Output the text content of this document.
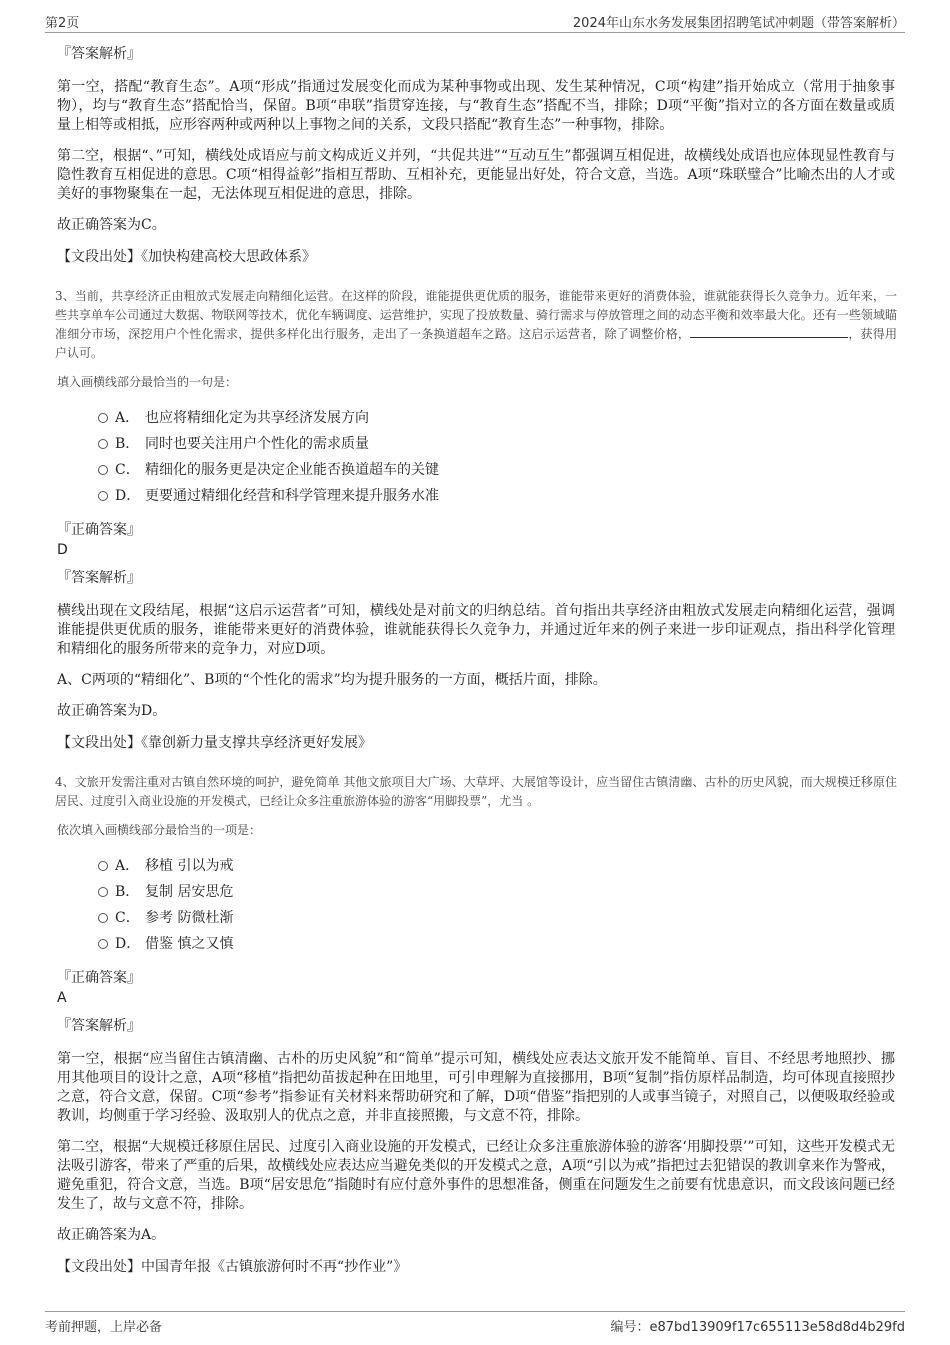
第2页	2024年山东水务发展集团招聘笔试冲刺题（带答案解析）

『答案解析』

第一空，搭配“教育生态”。A项“形成”指通过发展变化而成为某种事物或出现、发生某种情况，C项“构建”指开始成立（常用于抽象事物），均与“教育生态”搭配恰当，保留。B项“串联”指贯穿连接，与“教育生态”搭配不当，排除；D项“平衡”指对立的各方面在数量或质量上相等或相抵，应形容两种或两种以上事物之间的关系，文段只搭配“教育生态”一种事物，排除。

第二空，根据“、”可知，横线处成语应与前文构成近义并列，“共促共进”“互动互生”都强调互相促进，故横线处成语也应体现显性教育与隐性教育互相促进的意思。C项“相得益彰”指相互帮助、互相补充，更能显出好处，符合文意，当选。A项“珠联璧合”比喻杰出的人才或美好的事物聚集在一起，无法体现互相促进的意思，排除。

故正确答案为C。

【文段出处】《加快构建高校大思政体系》

3、当前，共享经济正由粗放式发展走向精细化运营。在这样的阶段，谁能提供更优质的服务，谁能带来更好的消费体验，谁就能获得长久竞争力。近年来，一些共享单车公司通过大数据、物联网等技术，优化车辆调度、运营维护，实现了投放数量、骑行需求与停放管理之间的动态平衡和效率最大化。还有一些领域瞄准细分市场，深挖用户个性化需求，提供多样化出行服务，走出了一条换道超车之路。这启示运营者，除了调整价格，	，获得用户认可。

填入画横线部分最恰当的一句是：

A． 也应将精细化定为共享经济发展方向
B． 同时也要关注用户个性化的需求质量
C． 精细化的服务更是决定企业能否换道超车的关键
D． 更要通过精细化经营和科学管理来提升服务水准

『正确答案』

D

『答案解析』

横线出现在文段结尾，根据“这启示运营者”可知，横线处是对前文的归纳总结。首句指出共享经济由粗放式发展走向精细化运营，强调谁能提供更优质的服务，谁能带来更好的消费体验，谁就能获得长久竞争力，并通过近年来的例子来进一步印证观点，指出科学化管理和精细化的服务所带来的竞争力，对应D项。

A、C两项的“精细化”、B项的“个性化的需求”均为提升服务的一方面，概括片面，排除。

故正确答案为D。

【文段出处】《靠创新力量支撑共享经济更好发展》

4、文旅开发需注重对古镇自然环境的呵护，避免简单 其他文旅项目大广场、大草坪、大展馆等设计，应当留住古镇清幽、古朴的历史风貌，而大规模迁移原住居民、过度引入商业设施的开发模式，已经让众多注重旅游体验的游客“用脚投票”，尤当 。

依次填入画横线部分最恰当的一项是：

A． 移植 引以为戒
B． 复制 居安思危
C． 参考 防微杜渐
D． 借鉴 慎之又慎

『正确答案』

A

『答案解析』

第一空，根据“应当留住古镇清幽、古朴的历史风貌”和“简单”提示可知，横线处应表达文旅开发不能简单、盲目、不经思考地照抄、挪用其他项目的设计之意，A项“移植”指把幼苗拔起种在田地里，可引申理解为直接挪用，B项“复制”指仿原样品制造，均可体现直接照抄之意，符合文意，保留。C项“参考”指参证有关材料来帮助研究和了解，D项“借鉴”指把别的人或事当镜子，对照自己，以便吸取经验或教训，均侧重于学习经验、汲取别人的优点之意，并非直接照搬，与文意不符，排除。

第二空，根据“大规模迁移原住居民、过度引入商业设施的开发模式，已经让众多注重旅游体验的游客‘用脚投票’”可知，这些开发模式无法吸引游客，带来了严重的后果，故横线处应表达应当避免类似的开发模式之意，A项“引以为戒”指把过去犯错误的教训拿来作为警戒，避免重犯，符合文意，当选。B项“居安思危”指随时有应付意外事件的思想准备，侧重在问题发生之前要有忧患意识，而文段该问题已经发生了，故与文意不符，排除。

故正确答案为A。

【文段出处】中国青年报《古镇旅游何时不再“抄作业”》

考前押题，上岸必备	编号：e87bd13909f17c655113e58d8d4b29fd
